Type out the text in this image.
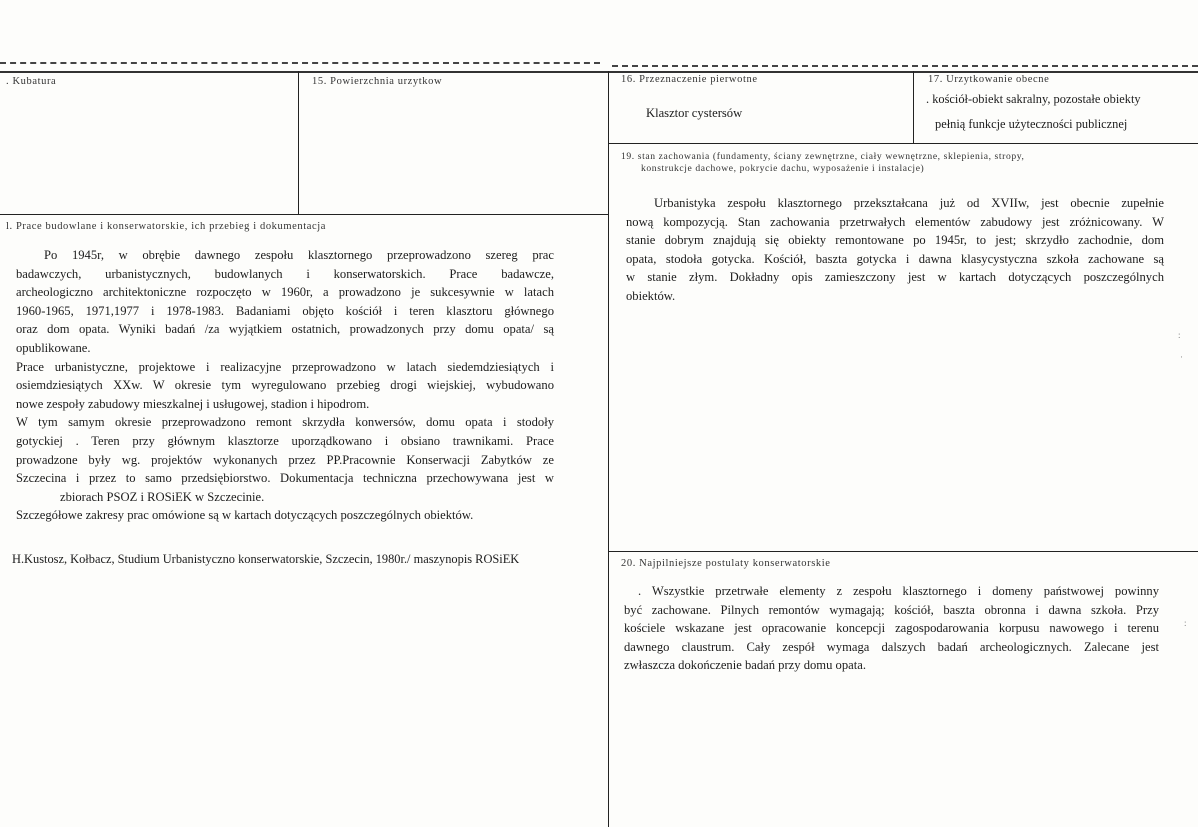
. Kubatura	15. Powierzchnia urzytkow	16. Przeznaczenie pierwotne
Klasztor cystersów
17. Urzytkowanie obecne
. kościół-obiekt sakralny, pozostałe obiekty
pełnią funkcje użyteczności publicznej
l. Prace budowlane i konserwatorskie, ich przebieg i dokumentacja
Po 1945r, w obrębie dawnego zespołu klasztornego przeprowadzono szereg prac
badawczych, urbanistycznych, budowlanych i konserwatorskich. Prace badawcze,
archeologiczno architektoniczne rozpoczęto w 1960r, a prowadzono je sukcesywnie w latach
1960-1965, 1971,1977 i 1978-1983. Badaniami objęto kościół i teren klasztoru głównego
oraz dom opata. Wyniki badań /za wyjątkiem ostatnich, prowadzonych przy domu opata/ są
opublikowane.
Prace urbanistyczne, projektowe i realizacyjne przeprowadzono w latach siedemdziesiątych i
osiemdziesiątych XXw. W okresie tym wyregulowano przebieg drogi wiejskiej, wybudowano
nowe zespoły zabudowy mieszkalnej i usługowej, stadion i hipodrom.
W tym samym okresie przeprowadzono remont skrzydła konwersów, domu opata i stodoły
gotyckiej . Teren przy głównym klasztorze uporządkowano i obsiano trawnikami. Prace
prowadzone były wg. projektów wykonanych przez PP.Pracownie Konserwacji Zabytków ze
Szczecina i przez to samo przedsiębiorstwo. Dokumentacja techniczna przechowywana jest w
zbiorach PSOZ i ROSiEK w Szczecinie.
Szczegółowe zakresy prac omówione są w kartach dotyczących poszczególnych obiektów.
H.Kustosz, Kołbacz, Studium Urbanistyczno konserwatorskie, Szczecin, 1980r./ maszynopis ROSiEK
19. stan zachowania (fundamenty, ściany zewnętrzne, ciały wewnętrzne, sklepienia, stropy,
konstrukcje dachowe, pokrycie dachu, wyposażenie i instalacje)
Urbanistyka zespołu klasztornego przekształcana już od XVIIw, jest obecnie zupełnie
nową kompozycją. Stan zachowania przetrwałych elementów zabudowy jest zróżnicowany. W
stanie dobrym znajdują się obiekty remontowane po 1945r, to jest; skrzydło zachodnie, dom
opata, stodoła gotycka. Kościół, baszta gotycka i dawna klasycystyczna szkoła zachowane są
w stanie złym. Dokładny opis zamieszczony jest w kartach dotyczących poszczególnych
obiektów.
20. Najpilniejsze postulaty konserwatorskie
. Wszystkie przetrwałe elementy z zespołu klasztornego i domeny państwowej powinny
być zachowane. Pilnych remontów wymagają; kościół, baszta obronna i dawna szkoła. Przy
kościele wskazane jest opracowanie koncepcji zagospodarowania korpusu nawowego i terenu
dawnego claustrum. Cały zespół wymaga dalszych badań archeologicznych. Zalecane jest
zwłaszcza dokończenie badań przy domu opata.
:
·
:
